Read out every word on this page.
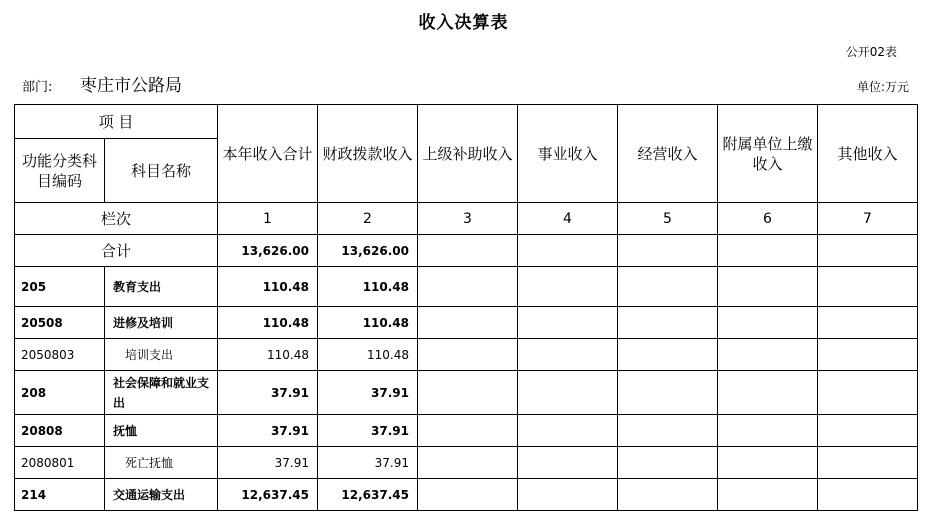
收入决算表
公开02表
部门: 枣庄市公路局	单位:万元
项 目		本年收入合计	财政拨款收入	上级补助收入	事业收入	经营收入	附属单位上缴收入	其他收入
功能分类科目编码	科目名称							
栏次		1	2	3	4	5	6	7
合计		13,626.00	13,626.00					
205	教育支出	110.48	110.48					
20508	进修及培训	110.48	110.48					
2050803	培训支出	110.48	110.48					
208	社会保障和就业支出	37.91	37.91					
20808	抚恤	37.91	37.91					
2080801	死亡抚恤	37.91	37.91					
214	交通运输支出	12,637.45	12,637.45					
